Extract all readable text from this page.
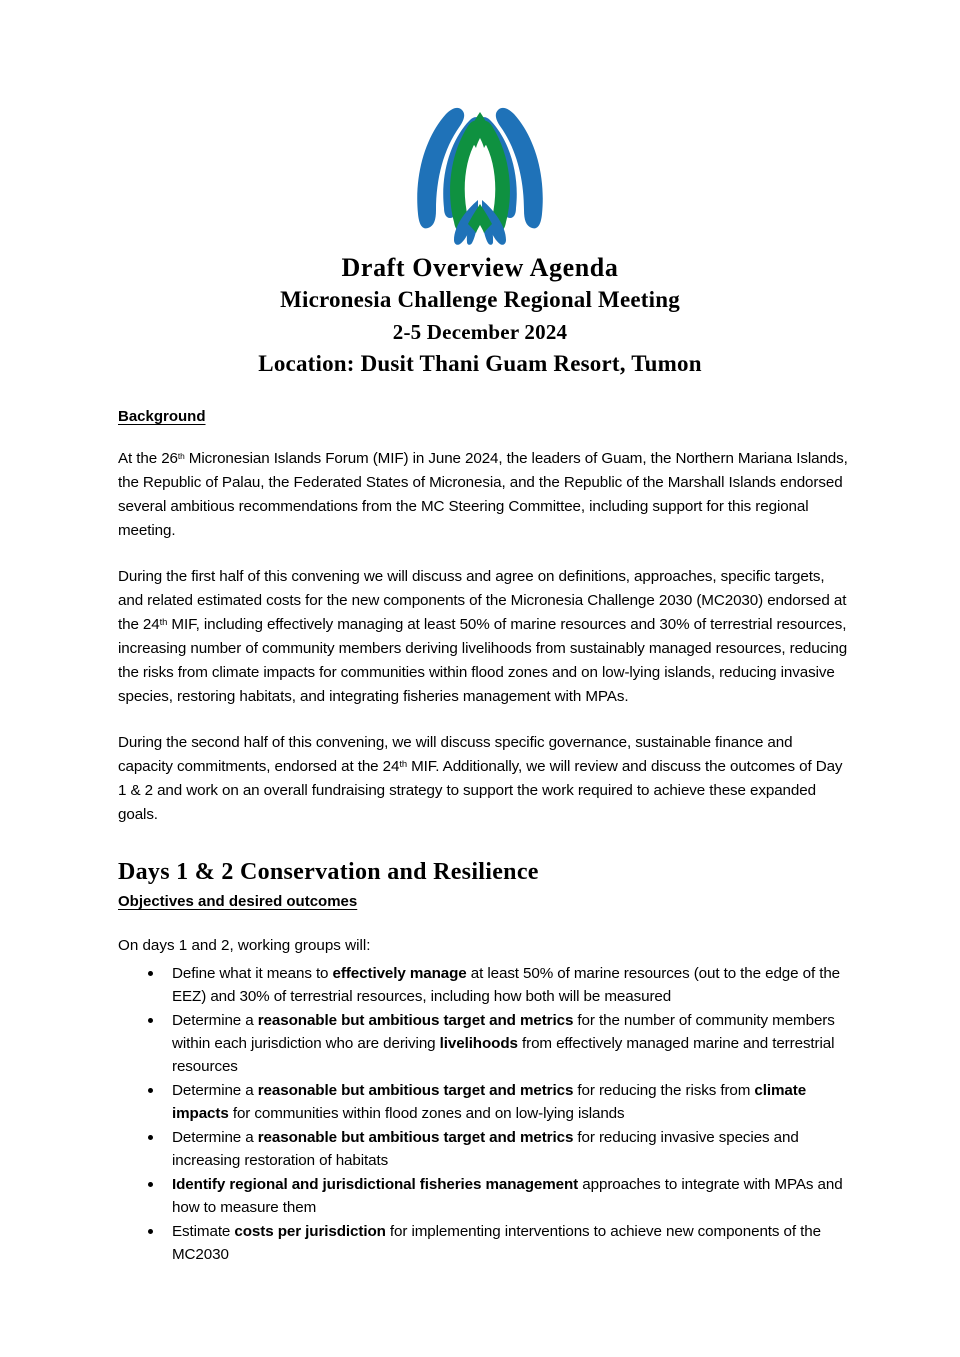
Draft Overview Agenda
Micronesia Challenge Regional Meeting
2-5 December 2024
Location: Dusit Thani Guam Resort, Tumon
Background

At the 26th Micronesian Islands Forum (MIF) in June 2024, the leaders of Guam, the Northern Mariana Islands, the Republic of Palau, the Federated States of Micronesia, and the Republic of the Marshall Islands endorsed several ambitious recommendations from the MC Steering Committee, including support for this regional meeting.

During the first half of this convening we will discuss and agree on definitions, approaches, specific targets, and related estimated costs for the new components of the Micronesia Challenge 2030 (MC2030) endorsed at the 24th MIF, including effectively managing at least 50% of marine resources and 30% of terrestrial resources, increasing number of community members deriving livelihoods from sustainably managed resources, reducing the risks from climate impacts for communities within flood zones and on low-lying islands, reducing invasive species, restoring habitats, and integrating fisheries management with MPAs.

During the second half of this convening, we will discuss specific governance, sustainable finance and capacity commitments, endorsed at the 24th MIF. Additionally, we will review and discuss the outcomes of Day 1 & 2 and work on an overall fundraising strategy to support the work required to achieve these expanded goals.

Days 1 & 2 Conservation and Resilience
Objectives and desired outcomes

On days 1 and 2, working groups will:

Define what it means to effectively manage at least 50% of marine resources (out to the edge of the EEZ) and 30% of terrestrial resources, including how both will be measured
Determine a reasonable but ambitious target and metrics for the number of community members within each jurisdiction who are deriving livelihoods from effectively managed marine and terrestrial resources
Determine a reasonable but ambitious target and metrics for reducing the risks from climate impacts for communities within flood zones and on low-lying islands
Determine a reasonable but ambitious target and metrics for reducing invasive species and increasing restoration of habitats
Identify regional and jurisdictional fisheries management approaches to integrate with MPAs and how to measure them
Estimate costs per jurisdiction for implementing interventions to achieve new components of the MC2030
